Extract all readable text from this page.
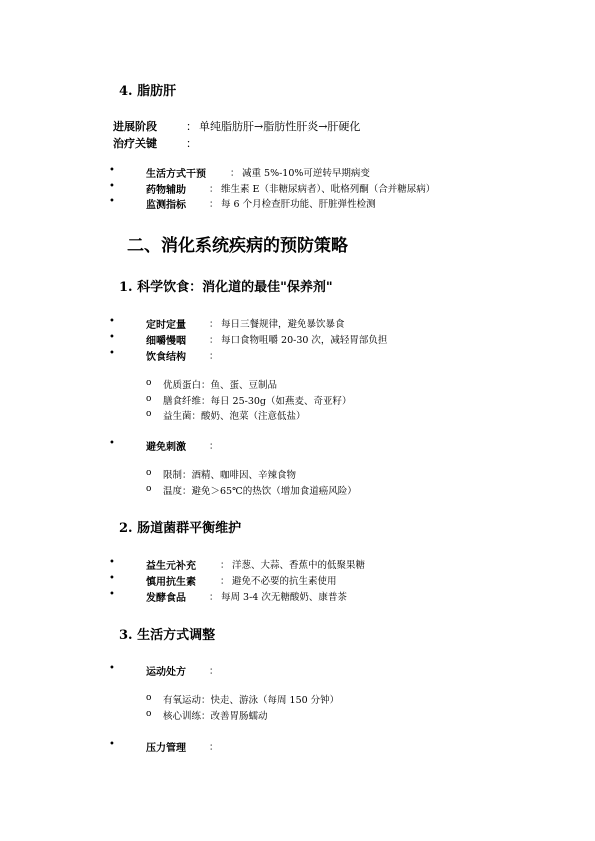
4. 脂肪肝
进展阶段	： 单纯脂肪肝→脂肪性肝炎→肝硬化
治疗关键	：
•	生活方式干预	： 减重 5%-10%可逆转早期病变
•	药物辅助 ： 维生素 E（非糖尿病者）、吡格列酮（合并糖尿病）
•	监测指标 ： 每 6 个月检查肝功能、肝脏弹性检测
二、消化系统疾病的预防策略
1. 科学饮食：消化道的最佳"保养剂"
•	定时定量 ： 每日三餐规律，避免暴饮暴食
•	细嚼慢咽 ： 每口食物咀嚼 20-30 次，减轻胃部负担
•	饮食结构 ：
o 优质蛋白：鱼、蛋、豆制品
o 膳食纤维：每日 25-30g（如燕麦、奇亚籽）
o 益生菌：酸奶、泡菜（注意低盐）
•	避免刺激 ：
o 限制：酒精、咖啡因、辛辣食物
o 温度：避免＞65℃的热饮（增加食道癌风险）
2. 肠道菌群平衡维护
•	益生元补充	： 洋葱、大蒜、香蕉中的低聚果糖
•	慎用抗生素	： 避免不必要的抗生素使用
•	发酵食品 ： 每周 3-4 次无糖酸奶、康普茶
3. 生活方式调整
•	运动处方 ：
o 有氧运动：快走、游泳（每周 150 分钟）
o 核心训练：改善胃肠蠕动
•	压力管理 ：
